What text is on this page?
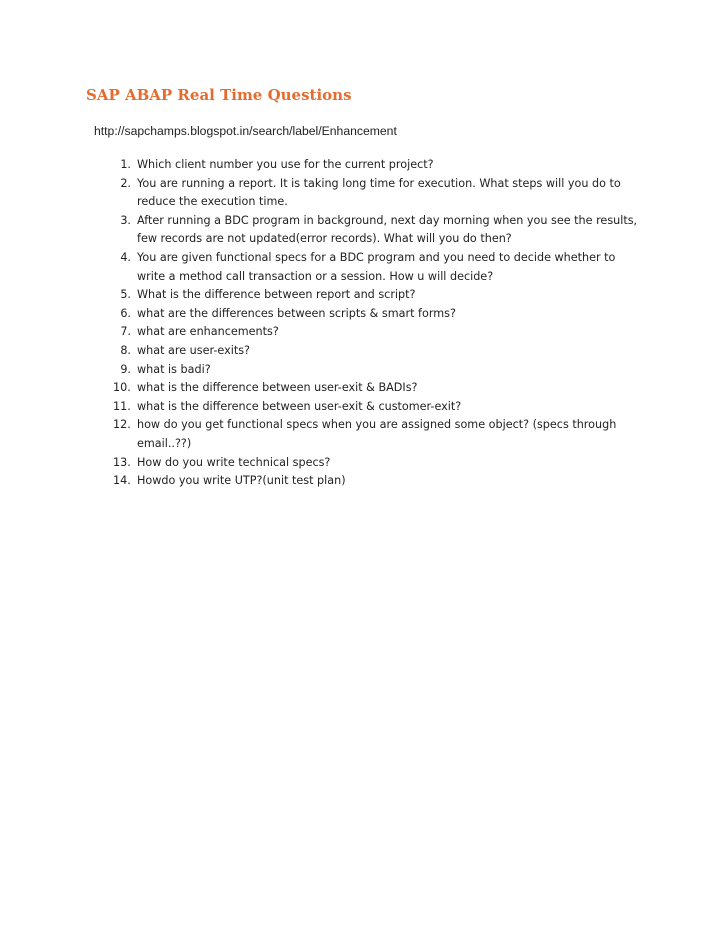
SAP ABAP Real Time Questions
http://sapchamps.blogspot.in/search/label/Enhancement
1. Which client number you use for the current project?
2. You are running a report. It is taking long time for execution. What steps will you do to reduce the execution time.
3. After running a BDC program in background, next day morning when you see the results, few records are not updated(error records). What will you do then?
4. You are given functional specs for a BDC program and you need to decide whether to write a method call transaction or a session. How u will decide?
5. What is the difference between report and script?
6. what are the differences between scripts & smart forms?
7. what are enhancements?
8. what are user-exits?
9. what is badi?
10. what is the difference between user-exit & BADIs?
11. what is the difference between user-exit & customer-exit?
12. how do you get functional specs when you are assigned some object? (specs through email..??)
13. How do you write technical specs?
14. Howdo you write UTP?(unit test plan)
